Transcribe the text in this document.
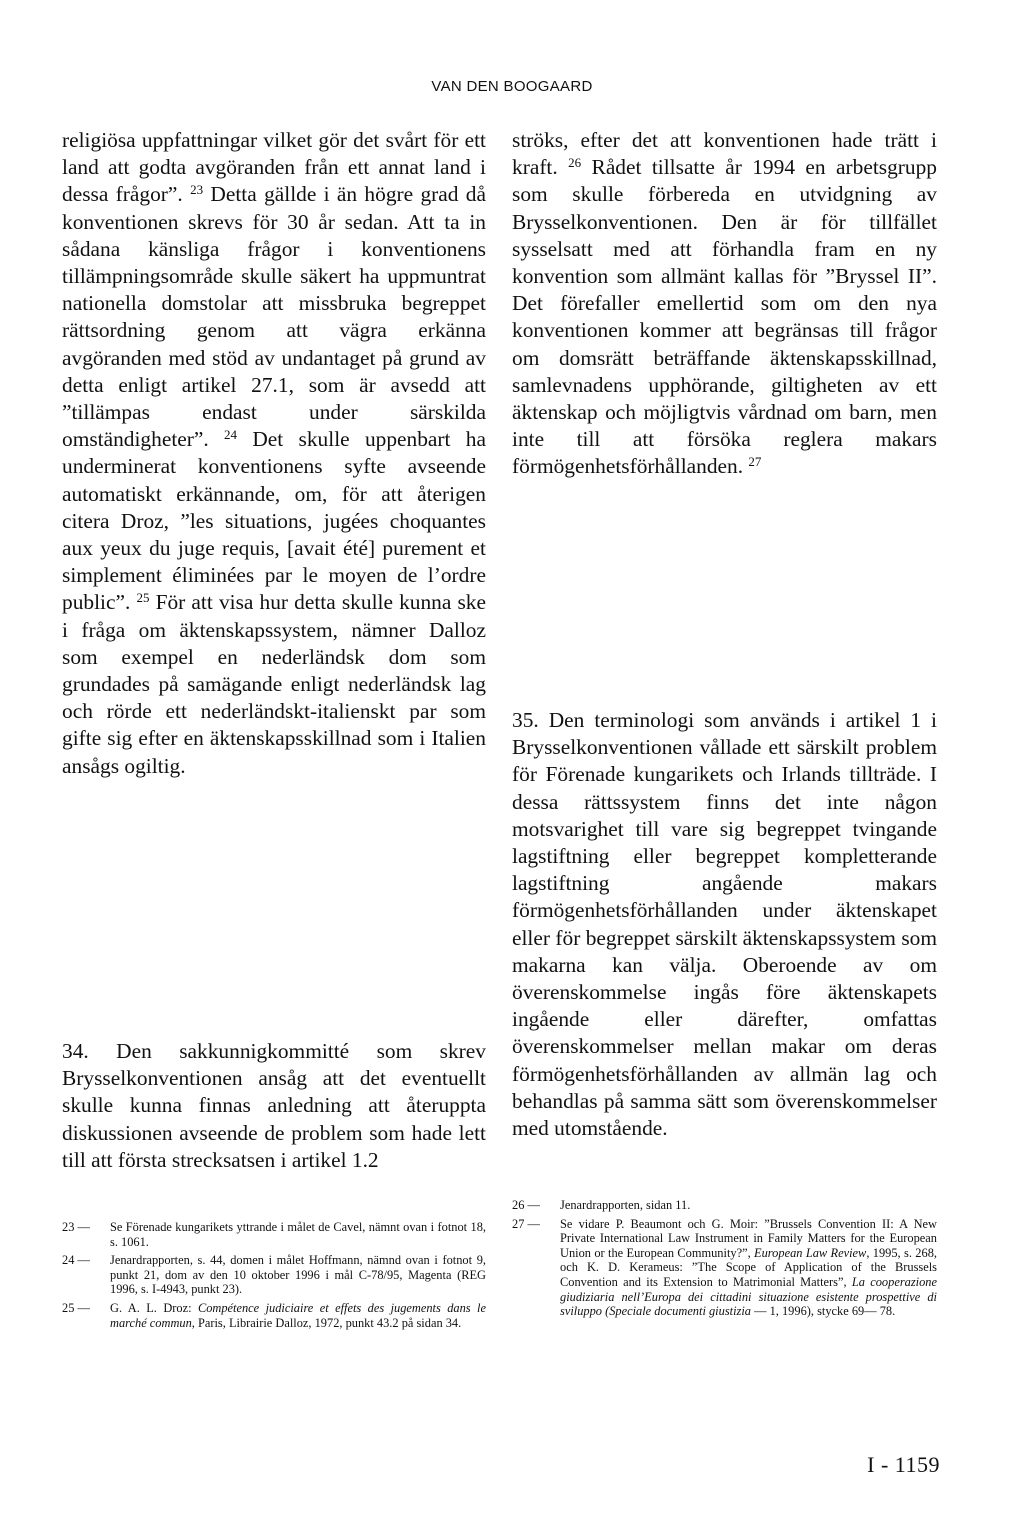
VAN DEN BOOGAARD

religiösa uppfattningar vilket gör det svårt för ett land att godta avgöranden från ett annat land i dessa frågor”. $^{23}$ Detta gällde i än högre grad då konventionen skrevs för 30 år sedan. Att ta in sådana känsliga frågor i konventionens tillämpningsområde skulle säkert ha uppmuntrat nationella domstolar att missbruka begreppet rättsordning genom att vägra erkänna avgöranden med stöd av undantaget på grund av detta enligt artikel 27.1, som är avsedd att ”tillämpas endast under särskilda omständigheter”. $^{24}$ Det skulle uppenbart ha underminerat konventionens syfte avseende automatiskt erkännande, om, för att återigen citera Droz, ”les situations, jugées choquantes aux yeux du juge requis, [avait été] purement et simplement éliminées par le moyen de l’ordre public”. $^{25}$ För att visa hur detta skulle kunna ske i fråga om äktenskapssystem, nämner Dalloz som exempel en nederländsk dom som grundades på samägande enligt nederländsk lag och rörde ett nederländskt-italienskt par som gifte sig efter en äktenskapsskillnad som i Italien ansågs ogiltig.

34. Den sakkunnigkommitté som skrev Brysselkonventionen ansåg att det eventuellt skulle kunna finnas anledning att återuppta diskussionen avseende de problem som hade lett till att första strecksatsen i artikel 1.2

ströks, efter det att konventionen hade trätt i kraft. $^{26}$ Rådet tillsatte år 1994 en arbetsgrupp som skulle förbereda en utvidgning av Brysselkonventionen. Den är för tillfället sysselsatt med att förhandla fram en ny konvention som allmänt kallas för ”Bryssel II”. Det förefaller emellertid som om den nya konventionen kommer att begränsas till frågor om domsrätt beträffande äktenskapsskillnad, samlevnadens upphörande, giltigheten av ett äktenskap och möjligtvis vårdnad om barn, men inte till att försöka reglera makars förmögenhetsförhållanden. $^{27}$

35. Den terminologi som används i artikel 1 i Brysselkonventionen vållade ett särskilt problem för Förenade kungarikets och Irlands tillträde. I dessa rättssystem finns det inte någon motsvarighet till vare sig begreppet tvingande lagstiftning eller begreppet kompletterande lagstiftning angående makars förmögenhetsförhållanden under äktenskapet eller för begreppet särskilt äktenskapssystem som makarna kan välja. Oberoende av om överenskommelse ingås före äktenskapets ingående eller därefter, omfattas överenskommelser mellan makar om deras förmögenhetsförhållanden av allmän lag och behandlas på samma sätt som överenskommelser med utomstående.

23 —	Se Förenade kungarikets yttrande i målet de Cavel, nämnt ovan i fotnot 18, s. 1061.
24 —	Jenardrapporten, s. 44, domen i målet Hoffmann, nämnd ovan i fotnot 9, punkt 21, dom av den 10 oktober 1996 i mål C-78/95, Magenta (REG 1996, s. I-4943, punkt 23).
25 —	G. A. L. Droz: Compétence judiciaire et effets des jugements dans le marché commun, Paris, Librairie Dalloz, 1972, punkt 43.2 på sidan 34.
26 —	Jenardrapporten, sidan 11.
27 —	Se vidare P. Beaumont och G. Moir: ”Brussels Convention II: A New Private International Law Instrument in Family Matters for the European Union or the European Community?”, European Law Review, 1995, s. 268, och K. D. Kerameus: ”The Scope of Application of the Brussels Convention and its Extension to Matrimonial Matters”, La cooperazione giudiziaria nell’Europa dei cittadini situazione esistente prospettive di sviluppo (Speciale documenti giustizia — 1, 1996), stycke 69— 78.
I - 1159
